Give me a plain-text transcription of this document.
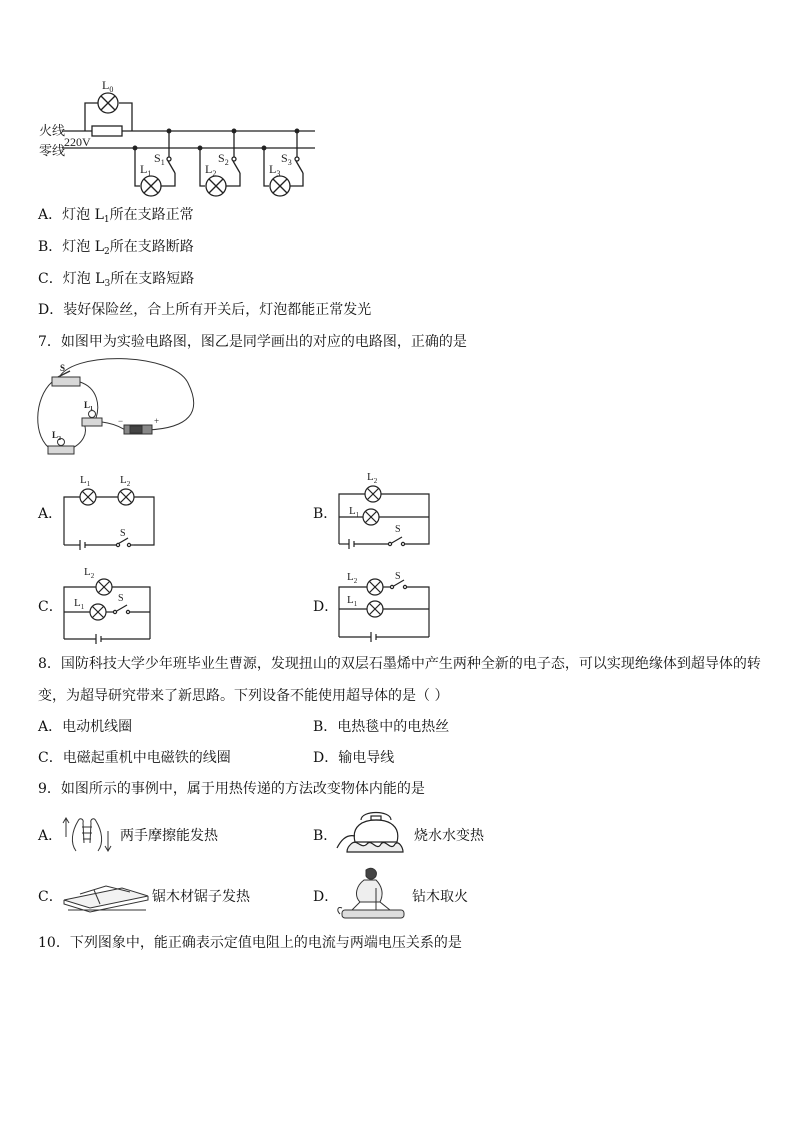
火线
零线
220V
$L_0$
$S_1$
$L_1$
$S_2$
$L_2$
$S_3$
$L_3$
A．灯泡 $L_1$所在支路正常
B．灯泡 $L_2$所在支路断路
C．灯泡 $L_3$所在支路短路
D．装好保险丝，合上所有开关后，灯泡都能正常发光
7．如图甲为实验电路图，图乙是同学画出的对应的电路图，正确的是
S
$L_1$
$L_2$
−	+
A．
$L_1$	$L_2$
S
B．
$L_2$
$L_1$
S
C．
$L_2$
$L_1$
S
D．
$L_2$
$L_1$
S
8．国防科技大学少年班毕业生曹源，发现扭山的双层石墨烯中产生两种全新的电子态，可以实现绝缘体到超导体的转
变，为超导研究带来了新思路。下列设备不能使用超导体的是（ ）
A．电动机线圈	B．电热毯中的电热丝
C．电磁起重机中电磁铁的线圈	D．输电导线
9．如图所示的事例中，属于用热传递的方法改变物体内能的是
A．	两手摩擦能发热	B．	烧水水变热
C．	锯木材锯子发热	D．	钻木取火
10．下列图象中，能正确表示定值电阻上的电流与两端电压关系的是
